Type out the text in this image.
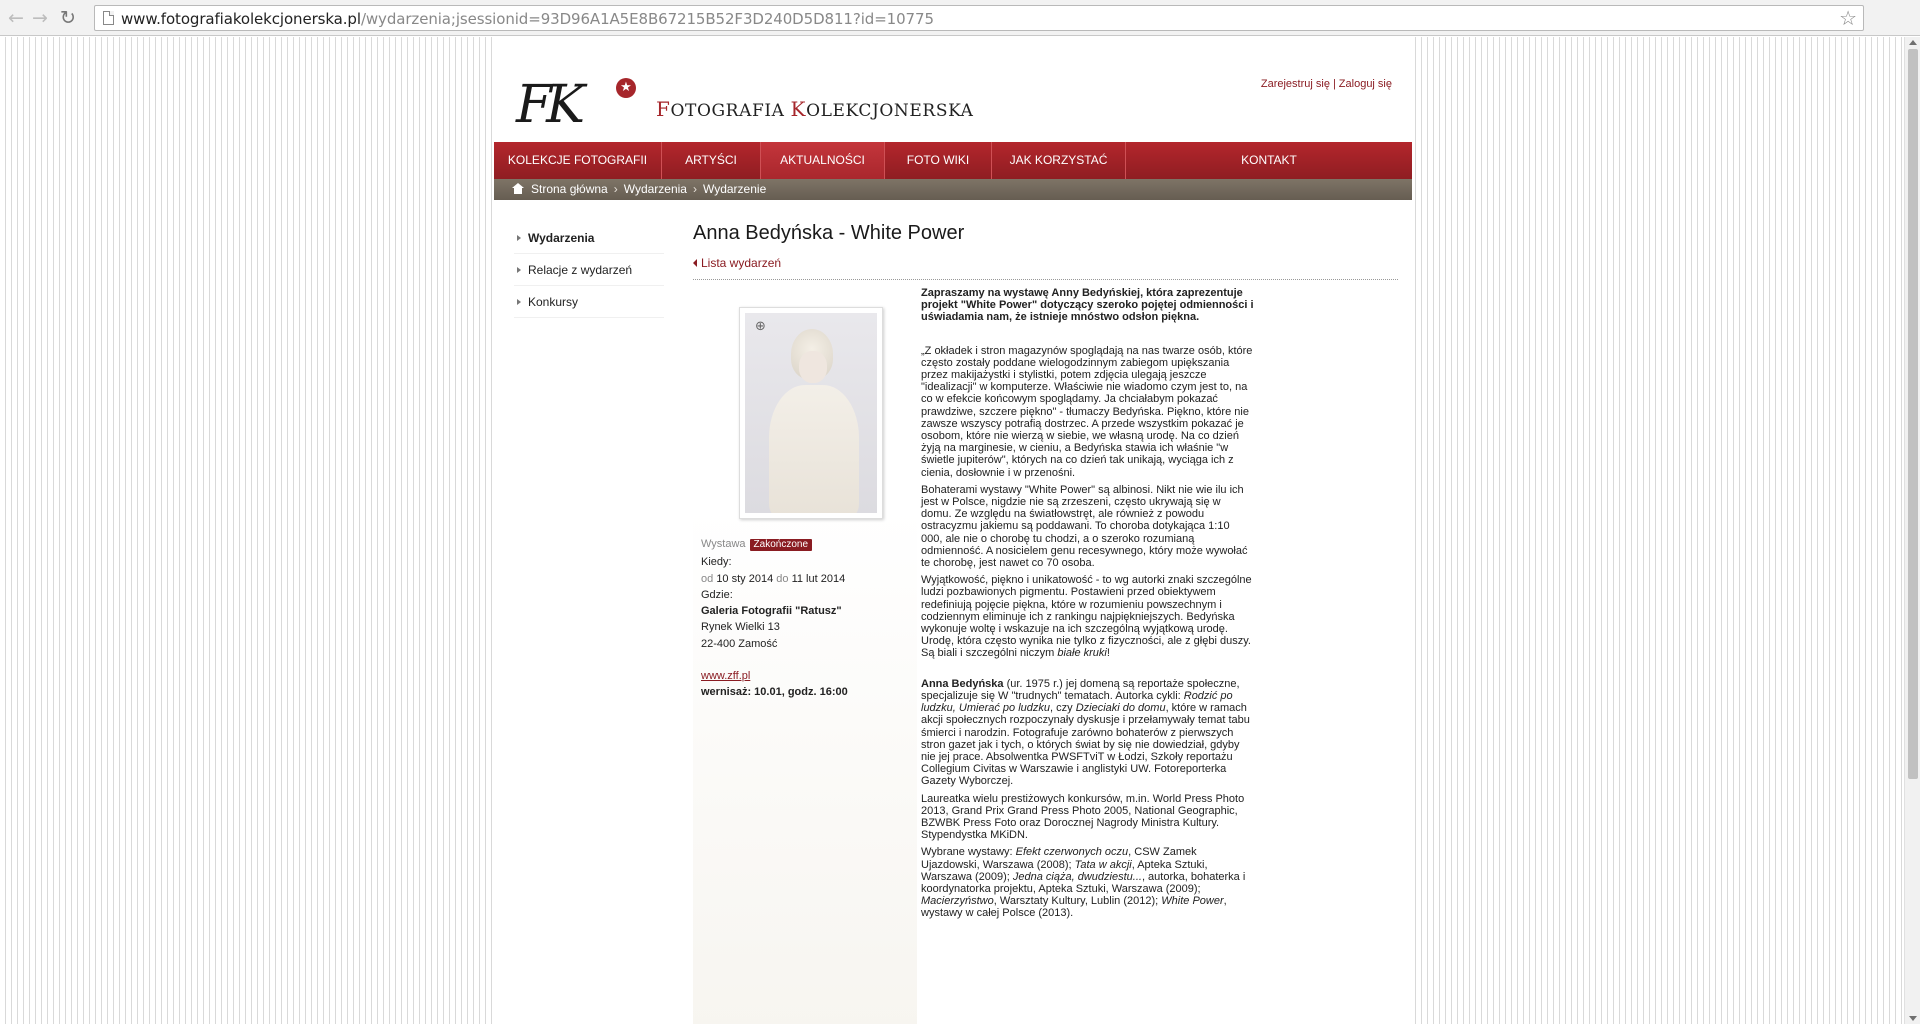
← → ↻	www.fotografiakolekcjonerska.pl/wydarzenia;jsessionid=93D96A1A5E8B67215B52F3D240D5D811?id=10775	☆
FK	★
FOTOGRAFIA KOLEKCJONERSKA
Zarejestruj się | Zaloguj się
KOLEKCJE FOTOGRAFII	ARTYŚCI	AKTUALNOŚCI	FOTO WIKI	JAK KORZYSTAĆ	KONTAKT
Strona główna › Wydarzenia › Wydarzenie
Wydarzenia
Relacje z wydarzeń
Konkursy
Anna Bedyńska - White Power
Lista wydarzeń
⊕
Wystawa Zakończone
Kiedy:
od 10 sty 2014 do 11 lut 2014
Gdzie:
Galeria Fotografii "Ratusz"
Rynek Wielki 13
22-400 Zamość
www.zff.pl
wernisaż: 10.01, godz. 16:00

Zapraszamy na wystawę Anny Bedyńskiej, która zaprezentuje projekt "White Power" dotyczący szeroko pojętej odmienności i uświadamia nam, że istnieje mnóstwo odsłon piękna.

„Z okładek i stron magazynów spoglądają na nas twarze osób, które często zostały poddane wielogodzinnym zabiegom upiększania przez makijażystki i stylistki, potem zdjęcia ulegają jeszcze "idealizacji" w komputerze. Właściwie nie wiadomo czym jest to, na co w efekcie końcowym spoglądamy. Ja chciałabym pokazać prawdziwe, szczere piękno" - tłumaczy Bedyńska. Piękno, które nie zawsze wszyscy potrafią dostrzec. A przede wszystkim pokazać je osobom, które nie wierzą w siebie, we własną urodę. Na co dzień żyją na marginesie, w cieniu, a Bedyńska stawia ich właśnie "w świetle jupiterów", których na co dzień tak unikają, wyciąga ich z cienia, dosłownie i w przenośni.

Bohaterami wystawy "White Power" są albinosi. Nikt nie wie ilu ich jest w Polsce, nigdzie nie są zrzeszeni, często ukrywają się w domu. Ze względu na światłowstręt, ale również z powodu ostracyzmu jakiemu są poddawani. To choroba dotykająca 1:10 000, ale nie o chorobę tu chodzi, a o szeroko rozumianą odmienność. A nosicielem genu recesywnego, który może wywołać te chorobę, jest nawet co 70 osoba.

Wyjątkowość, piękno i unikatowość - to wg autorki znaki szczególne ludzi pozbawionych pigmentu. Postawieni przed obiektywem redefiniują pojęcie piękna, które w rozumieniu powszechnym i codziennym eliminuje ich z rankingu najpiękniejszych. Bedyńska wykonuje woltę i wskazuje na ich szczególną wyjątkową urodę. Urodę, która często wynika nie tylko z fizyczności, ale z głębi duszy. Są biali i szczególni niczym białe kruki!

Anna Bedyńska (ur. 1975 r.) jej domeną są reportaże społeczne, specjalizuje się W "trudnych" tematach. Autorka cykli: Rodzić po ludzku, Umierać po ludzku, czy Dzieciaki do domu, które w ramach akcji społecznych rozpoczynały dyskusje i przełamywały temat tabu śmierci i narodzin. Fotografuje zarówno bohaterów z pierwszych stron gazet jak i tych, o których świat by się nie dowiedział, gdyby nie jej prace. Absolwentka PWSFTviT w Łodzi, Szkoły reportażu Collegium Civitas w Warszawie i anglistyki UW. Fotoreporterka Gazety Wyborczej.

Laureatka wielu prestiżowych konkursów, m.in. World Press Photo 2013, Grand Prix Grand Press Photo 2005, National Geographic, BZWBK Press Foto oraz Dorocznej Nagrody Ministra Kultury. Stypendystka MKiDN.

Wybrane wystawy: Efekt czerwonych oczu, CSW Zamek Ujazdowski, Warszawa (2008); Tata w akcji, Apteka Sztuki, Warszawa (2009); Jedna ciąża, dwudziestu..., autorka, bohaterka i koordynatorka projektu, Apteka Sztuki, Warszawa (2009); Macierzyństwo, Warsztaty Kultury, Lublin (2012); White Power, wystawy w całej Polsce (2013).
